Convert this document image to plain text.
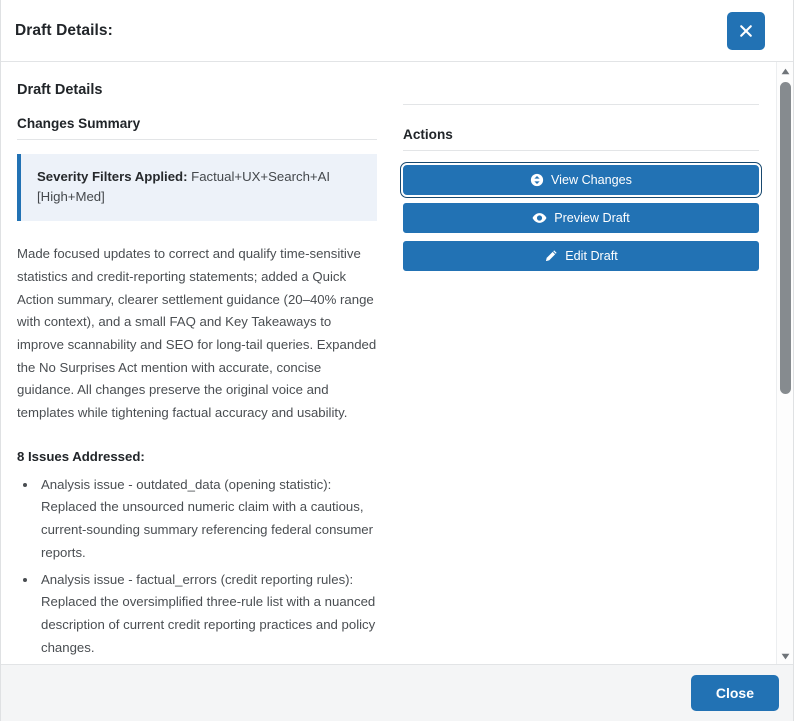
Draft Details:
Draft Details
Changes Summary
Severity Filters Applied: Factual+UX+Search+AI [High+Med]

Made focused updates to correct and qualify time-sensitive statistics and credit-reporting statements; added a Quick Action summary, clearer settlement guidance (20–40% range with context), and a small FAQ and Key Takeaways to improve scannability and SEO for long-tail queries. Expanded the No Surprises Act mention with accurate, concise guidance. All changes preserve the original voice and templates while tightening factual accuracy and usability.

8 Issues Addressed:
• Analysis issue - outdated_data (opening statistic): Replaced the unsourced numeric claim with a cautious, current-sounding summary referencing federal consumer reports.
• Analysis issue - factual_errors (credit reporting rules): Replaced the oversimplified three-rule list with a nuanced description of current credit reporting practices and policy changes.
Actions
View Changes
Preview Draft
Edit Draft
Close
